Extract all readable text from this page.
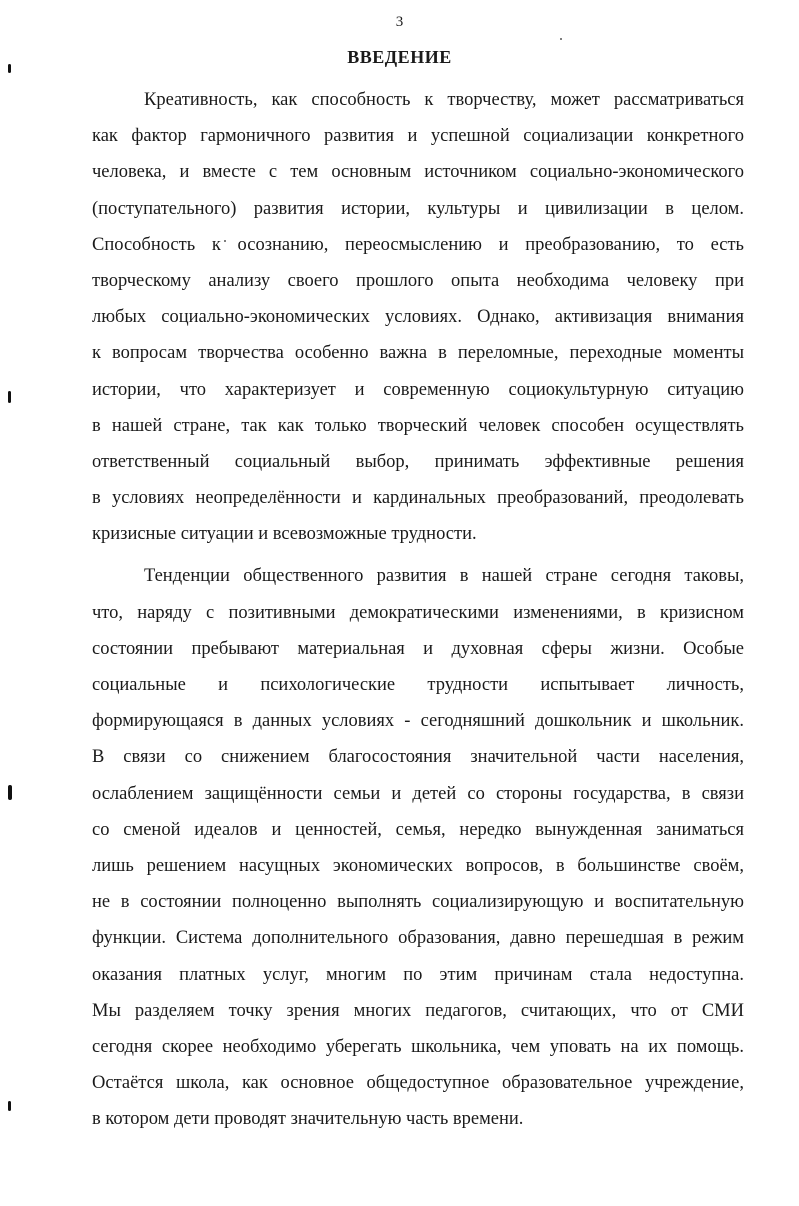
3
ВВЕДЕНИЕ
Креативность, как способность к творчеству, может рассматриваться
как фактор гармоничного развития и успешной социализации конкретного
человека, и вместе с тем основным источником социально-экономического
(поступательного) развития истории, культуры и цивилизации в целом.
Способность к осознанию, переосмыслению и преобразованию, то есть
творческому анализу своего прошлого опыта необходима человеку при
любых социально-экономических условиях. Однако, активизация внимания
к вопросам творчества особенно важна в переломные, переходные моменты
истории, что характеризует и современную социокультурную ситуацию
в нашей стране, так как только творческий человек способен осуществлять
ответственный социальный выбор, принимать эффективные решения
в условиях неопределённости и кардинальных преобразований, преодолевать
кризисные ситуации и всевозможные трудности.
Тенденции общественного развития в нашей стране сегодня таковы,
что, наряду с позитивными демократическими изменениями, в кризисном
состоянии пребывают материальная и духовная сферы жизни. Особые
социальные и психологические трудности испытывает личность,
формирующаяся в данных условиях - сегодняшний дошкольник и школьник.
В связи со снижением благосостояния значительной части населения,
ослаблением защищённости семьи и детей со стороны государства, в связи
со сменой идеалов и ценностей, семья, нередко вынужденная заниматься
лишь решением насущных экономических вопросов, в большинстве своём,
не в состоянии полноценно выполнять социализирующую и воспитательную
функции. Система дополнительного образования, давно перешедшая в режим
оказания платных услуг, многим по этим причинам стала недоступна.
Мы разделяем точку зрения многих педагогов, считающих, что от СМИ
сегодня скорее необходимо уберегать школьника, чем уповать на их помощь.
Остаётся школа, как основное общедоступное образовательное учреждение,
в котором дети проводят значительную часть времени.
